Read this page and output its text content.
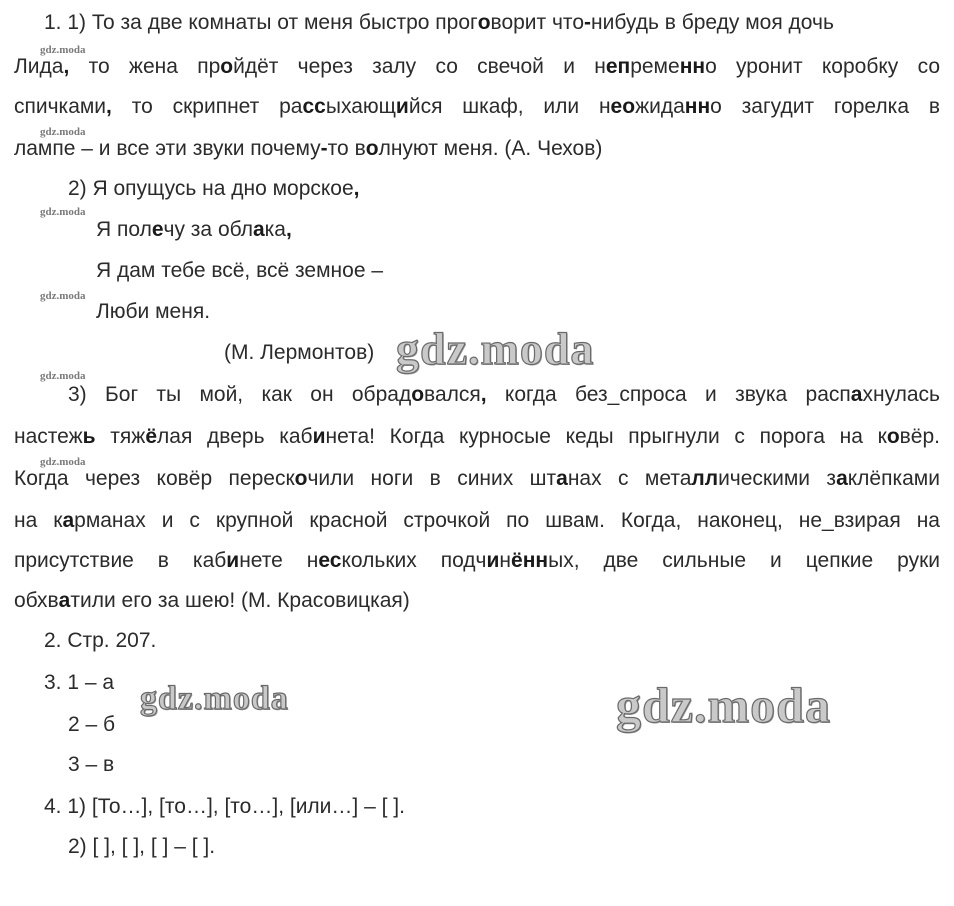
gdz.moda
gdz.moda
gdz.moda
gdz.moda
gdz.moda
gdz.moda
1. 1) То за две комнаты от меня быстро проговорит что-нибудь в бреду моя дочь
Лида, то жена пройдёт через залу со свечой и непременно уронит коробку со
спичками, то скрипнет рассыхающийся шкаф, или неожиданно загудит горелка в
лампе – и все эти звуки почему-то волнуют меня. (А. Чехов)
2) Я опущусь на дно морское,
Я полечу за облака,
Я дам тебе всё, всё земное –
Люби меня.
(М. Лермонтов) gdz.moda
3) Бог ты мой, как он обрадовался, когда без_спроса и звука распахнулась
настежь тяжёлая дверь кабинета! Когда курносые кеды прыгнули с порога на ковёр.
Когда через ковёр перескочили ноги в синих штанах с металлическими заклёпками
на карманах и с крупной красной строчкой по швам. Когда, наконец, не_взирая на
присутствие в кабинете нескольких подчинённых, две сильные и цепкие руки
обхватили его за шею! (М. Красовицкая)
2. Стр. 207.
3. 1 – а
2 – б
3 – в
gdz.moda	gdz.moda
4. 1) [То…], [то…], [то…], [или…] – [ ].
2) [ ], [ ], [ ] – [ ].
